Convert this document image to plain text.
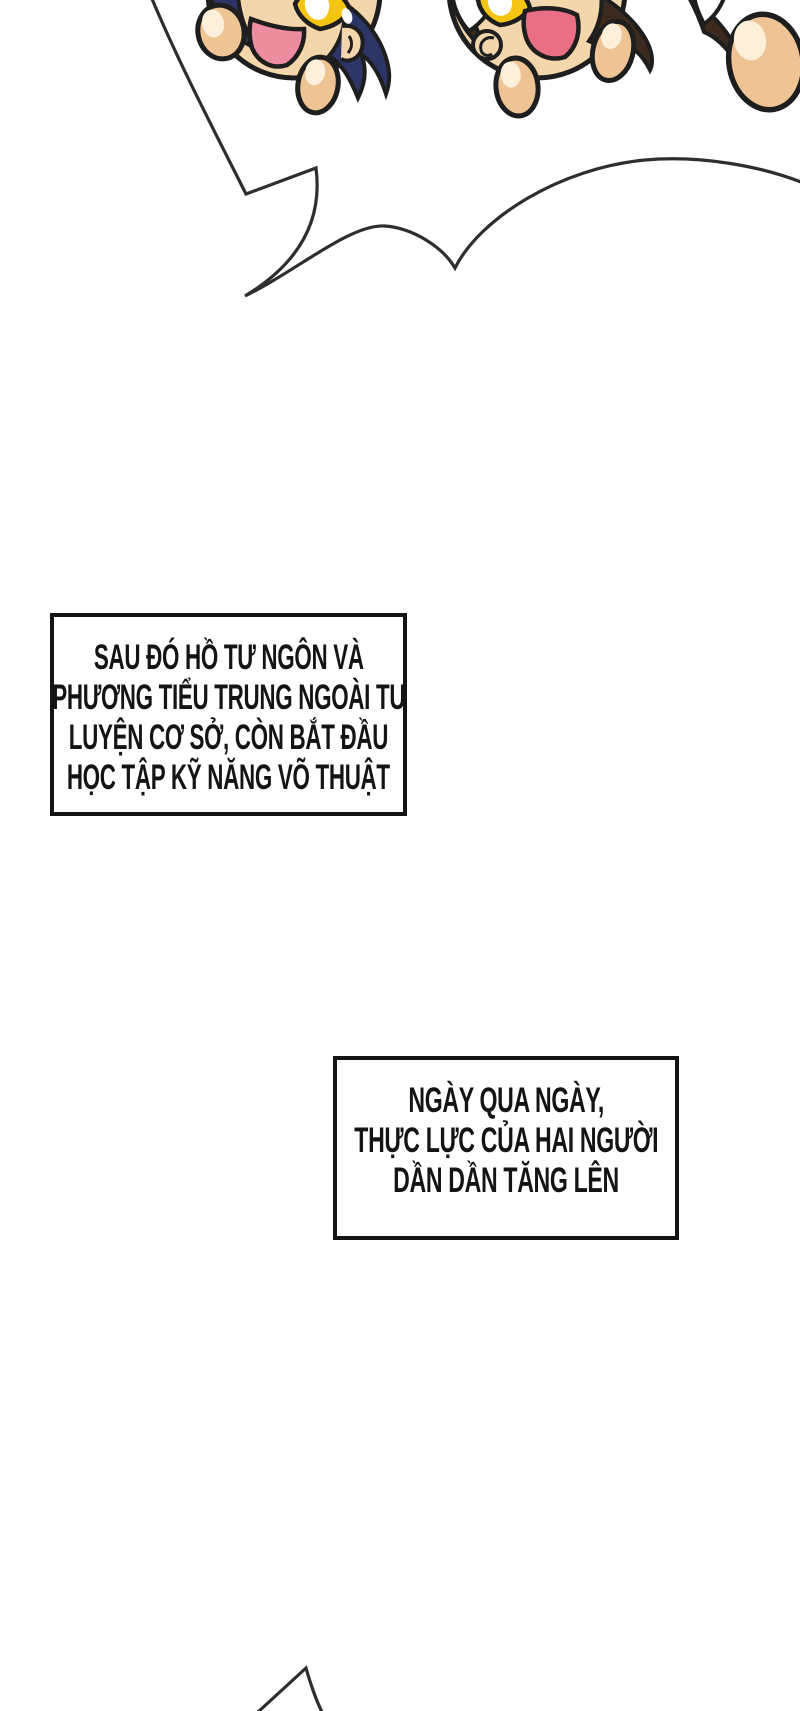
SAU ĐÓ HỒ TƯ NGÔN VÀ
PHƯƠNG TIỂU TRUNG NGOÀI TU
LUYỆN CƠ SỞ, CÒN BẮT ĐẦU
HỌC TẬP KỸ NĂNG VÕ THUẬT
NGÀY QUA NGÀY,
THỰC LỰC CỦA HAI NGƯỜI
DẦN DẦN TĂNG LÊN
